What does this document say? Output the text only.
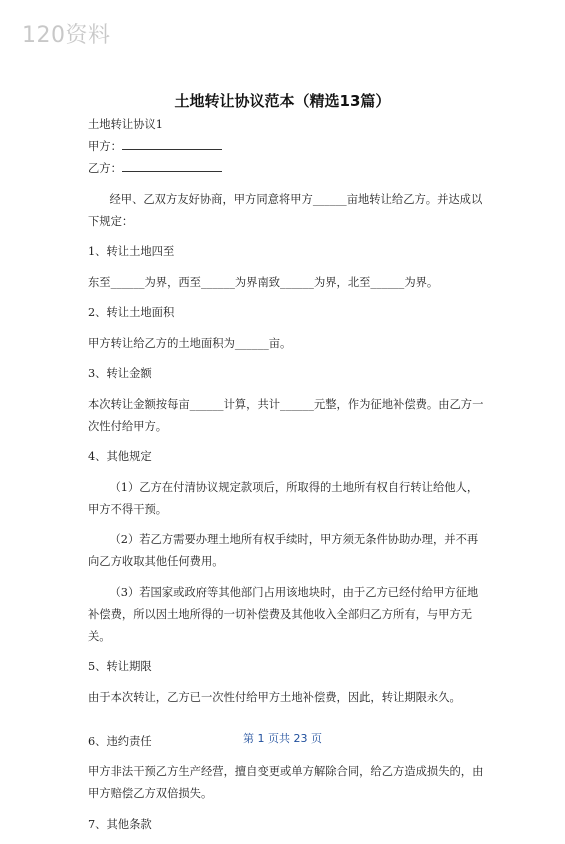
120资料
土地转让协议范本（精选13篇）

土地转让协议1

甲方：

乙方：

经甲、乙双方友好协商，甲方同意将甲方______亩地转让给乙方。并达成以下规定：

1、转让土地四至

东至______为界，西至______为界南致______为界，北至______为界。

2、转让土地面积

甲方转让给乙方的土地面积为______亩。

3、转让金额

本次转让金额按每亩______计算，共计______元整，作为征地补偿费。由乙方一次性付给甲方。

4、其他规定

（1）乙方在付清协议规定款项后，所取得的土地所有权自行转让给他人，甲方不得干预。

（2）若乙方需要办理土地所有权手续时，甲方须无条件协助办理，并不再向乙方收取其他任何费用。

（3）若国家或政府等其他部门占用该地块时，由于乙方已经付给甲方征地补偿费，所以因土地所得的一切补偿费及其他收入全部归乙方所有，与甲方无关。

5、转让期限

由于本次转让，乙方已一次性付给甲方土地补偿费，因此，转让期限永久。

6、违约责任

甲方非法干预乙方生产经营，擅自变更或单方解除合同，给乙方造成损失的，由甲方赔偿乙方双倍损失。

7、其他条款

第 1 页共 23 页
